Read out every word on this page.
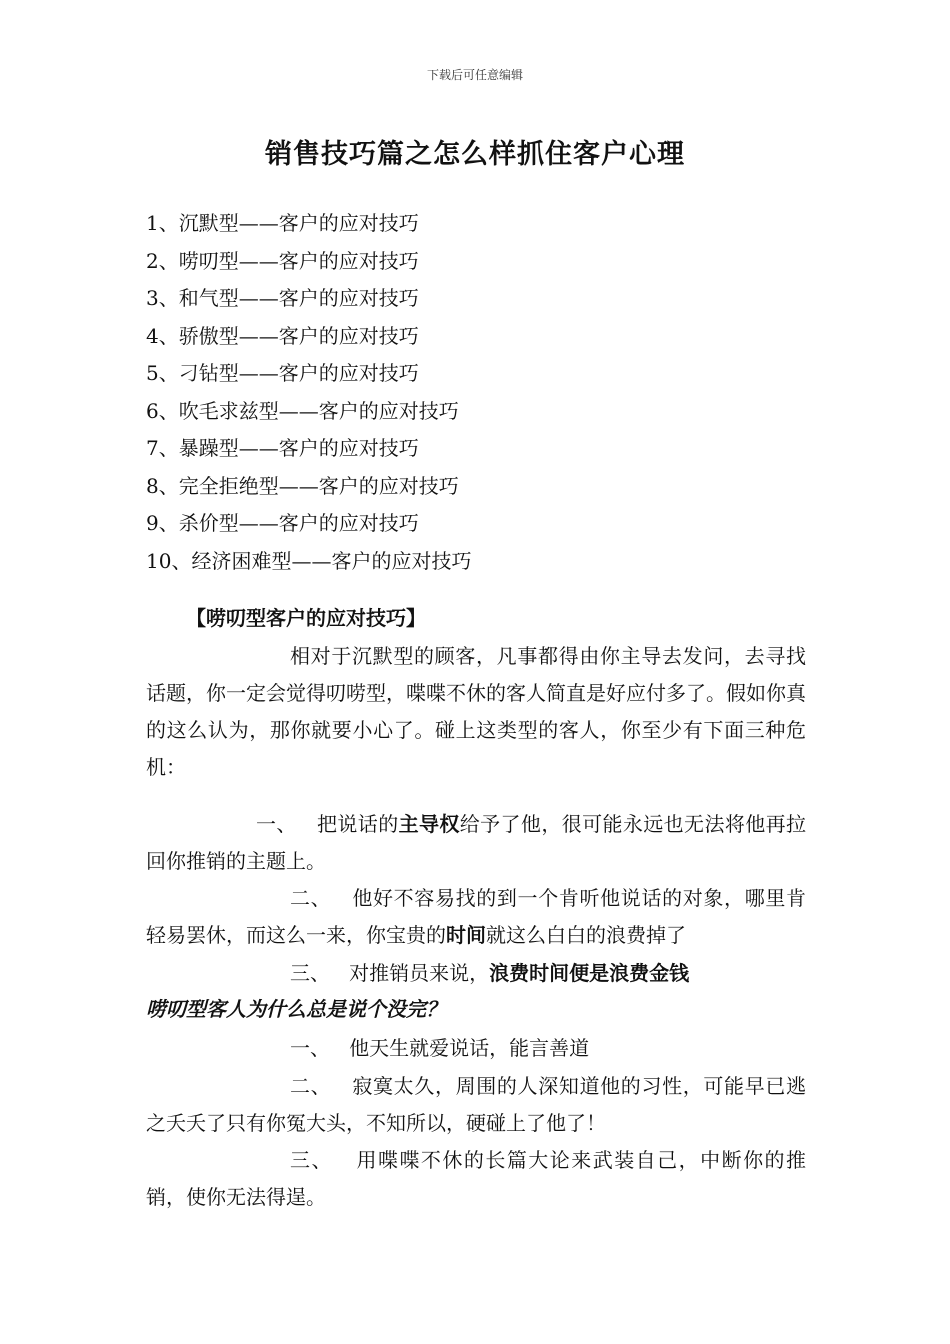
下载后可任意编辑
销售技巧篇之怎么样抓住客户心理
1、沉默型——客户的应对技巧
2、唠叨型——客户的应对技巧
3、和气型——客户的应对技巧
4、骄傲型——客户的应对技巧
5、刁钻型——客户的应对技巧
6、吹毛求兹型——客户的应对技巧
7、暴躁型——客户的应对技巧
8、完全拒绝型——客户的应对技巧
9、杀价型——客户的应对技巧
10、经济困难型——客户的应对技巧
【唠叨型客户的应对技巧】

相对于沉默型的顾客，凡事都得由你主导去发问，去寻找话题，你一定会觉得叨唠型，喋喋不休的客人简直是好应付多了。假如你真的这么认为，那你就要小心了。碰上这类型的客人，你至少有下面三种危机：

一、 把说话的主导权给予了他，很可能永远也无法将他再拉回你推销的主题上。

二、 他好不容易找的到一个肯听他说话的对象，哪里肯轻易罢休，而这么一来，你宝贵的时间就这么白白的浪费掉了

三、 对推销员来说，浪费时间便是浪费金钱

唠叨型客人为什么总是说个没完？

一、 他天生就爱说话，能言善道

二、 寂寞太久，周围的人深知道他的习性，可能早已逃之夭夭了只有你冤大头，不知所以，硬碰上了他了！

三、 用喋喋不休的长篇大论来武装自己，中断你的推销，使你无法得逞。
